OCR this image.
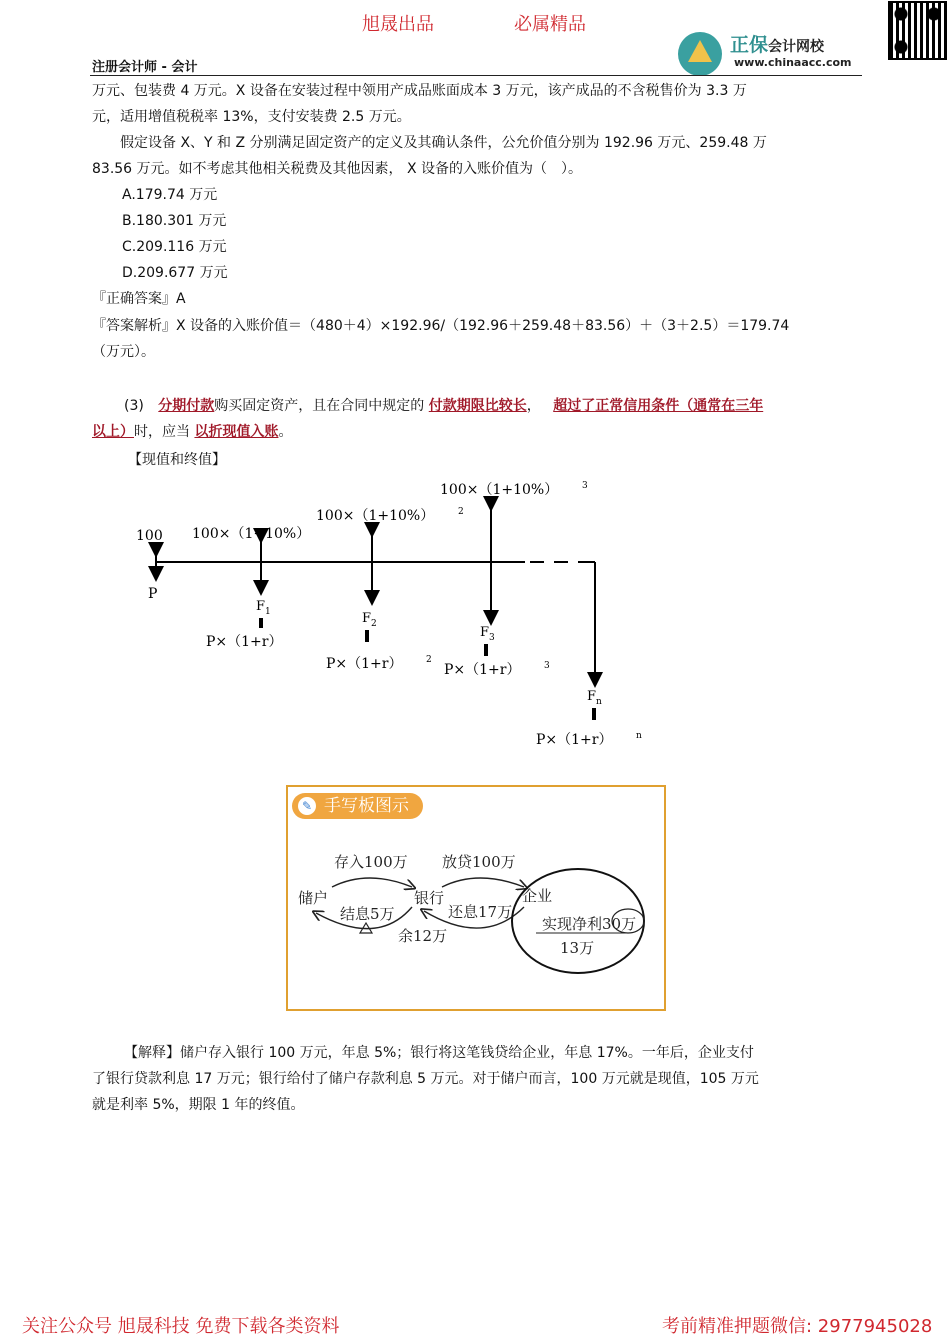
旭晟出品	必属精品
正保会计网校
www.chinaacc.com
注册会计师 - 会计
万元、包装费 4 万元。X 设备在安装过程中领用产成品账面成本 3 万元，该产成品的不含税售价为 3.3 万
元，适用增值税税率 13%，支付安装费 2.5 万元。
假定设备 X、Y 和 Z 分别满足固定资产的定义及其确认条件，公允价值分别为 192.96 万元、259.48 万
83.56 万元。如不考虑其他相关税费及其他因素， X 设备的入账价值为（　）。
A.179.74 万元
B.180.301 万元
C.209.116 万元
D.209.677 万元
『正确答案』A
『答案解析』X 设备的入账价值＝（480＋4）×192.96/（192.96＋259.48＋83.56）＋（3＋2.5）＝179.74
（万元）。
(3) 分期付款购买固定资产，且在合同中规定的 付款期限比较长， 超过了正常信用条件（通常在三年
以上）时，应当 以折现值入账。
【现值和终值】
100
P
100×（1+10%）
F 1
P×（1+r）
100×（1+10%）	2
F 2
P×（1+r）	2
100×（1+10%）	3
F 3
P×（1+r）	3
F n
P×（1+r）	n
✎ 手写板图示
存入100万 放贷100万
储户	银行	企业
结息5万	还息17万
余12万
实现净利30万
13万
【解释】储户存入银行 100 万元，年息 5%；银行将这笔钱贷给企业，年息 17%。一年后，企业支付
了银行贷款利息 17 万元；银行给付了储户存款利息 5 万元。对于储户而言，100 万元就是现值，105 万元
就是利率 5%，期限 1 年的终值。
关注公众号 旭晟科技 免费下载各类资料	考前精准押题微信: 2977945028
